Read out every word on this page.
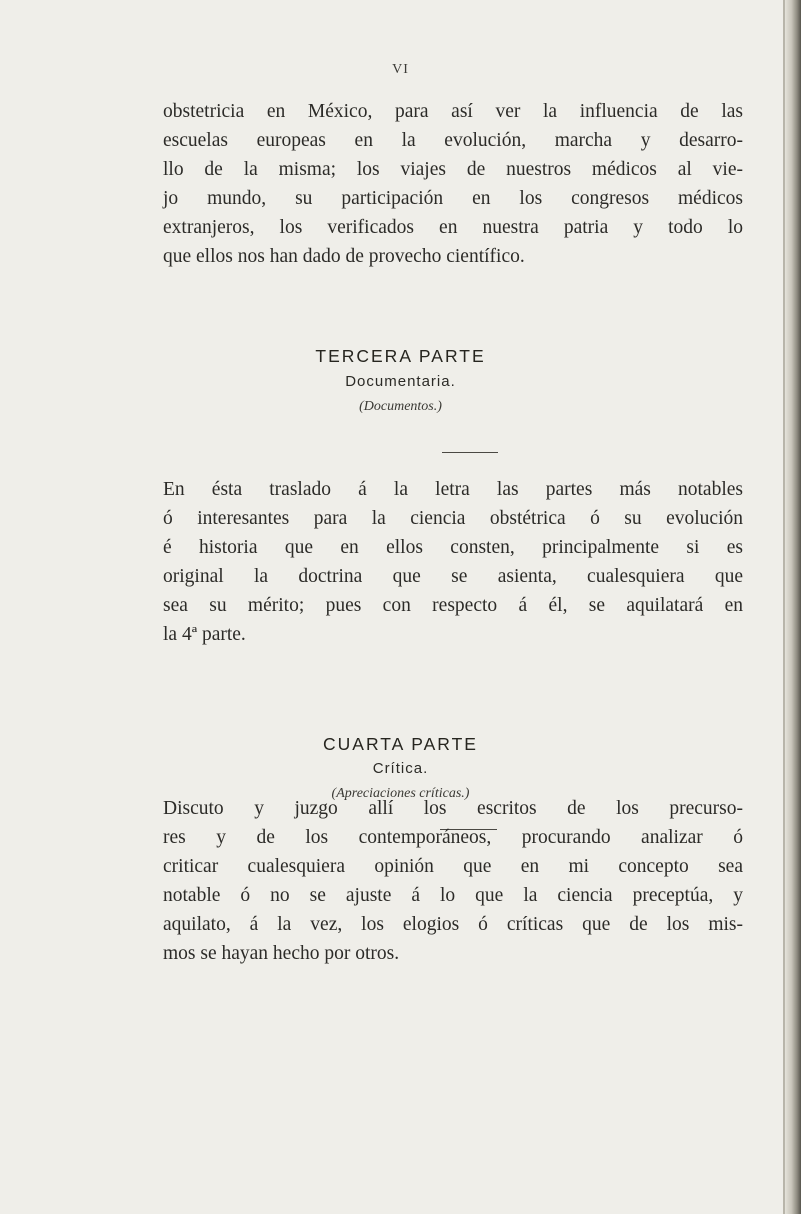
VI
obstetricia en México, para así ver la influencia de las
escuelas europeas en la evolución, marcha y desarro-
llo de la misma; los viajes de nuestros médicos al vie-
jo mundo, su participación en los congresos médicos
extranjeros, los verificados en nuestra patria y todo lo
que ellos nos han dado de provecho científico.
TERCERA PARTE
Documentaria.
(Documentos.)
En ésta traslado á la letra las partes más notables
ó interesantes para la ciencia obstétrica ó su evolución
é historia que en ellos consten, principalmente si es
original la doctrina que se asienta, cualesquiera que
sea su mérito; pues con respecto á él, se aquilatará en
la 4ª parte.
CUARTA PARTE
Crítica.
(Apreciaciones críticas.)
Discuto y juzgo allí los escritos de los precurso-
res y de los contemporáneos, procurando analizar ó
criticar cualesquiera opinión que en mi concepto sea
notable ó no se ajuste á lo que la ciencia preceptúa, y
aquilato, á la vez, los elogios ó críticas que de los mis-
mos se hayan hecho por otros.
